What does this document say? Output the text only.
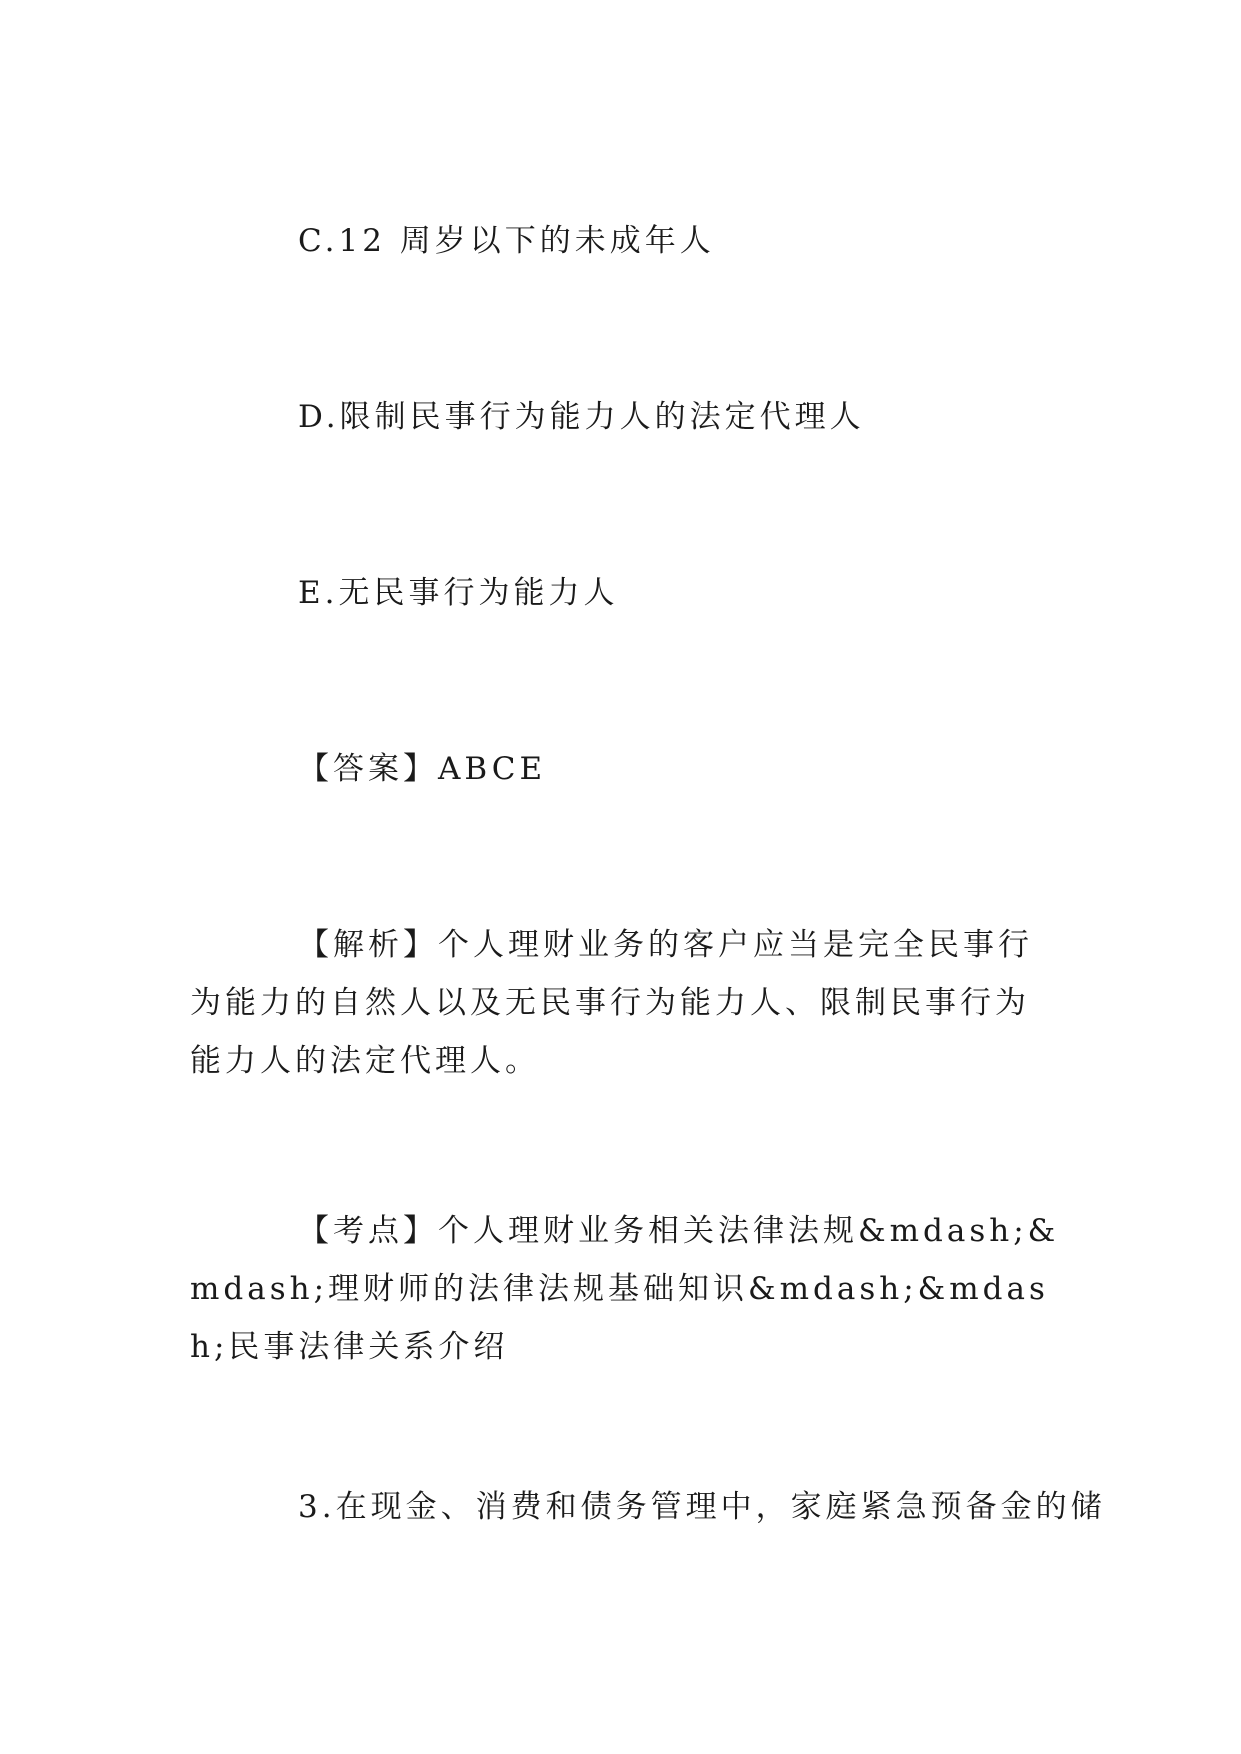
C.12 周岁以下的未成年人

D.限制民事行为能力人的法定代理人

E.无民事行为能力人

【答案】ABCE

【解析】个人理财业务的客户应当是完全民事行为能力的自然人以及无民事行为能力人、限制民事行为能力人的法定代理人。

【考点】个人理财业务相关法律法规&mdash;&mdash;理财师的法律法规基础知识&mdash;&mdash;民事法律关系介绍

3.在现金、消费和债务管理中，家庭紧急预备金的储
